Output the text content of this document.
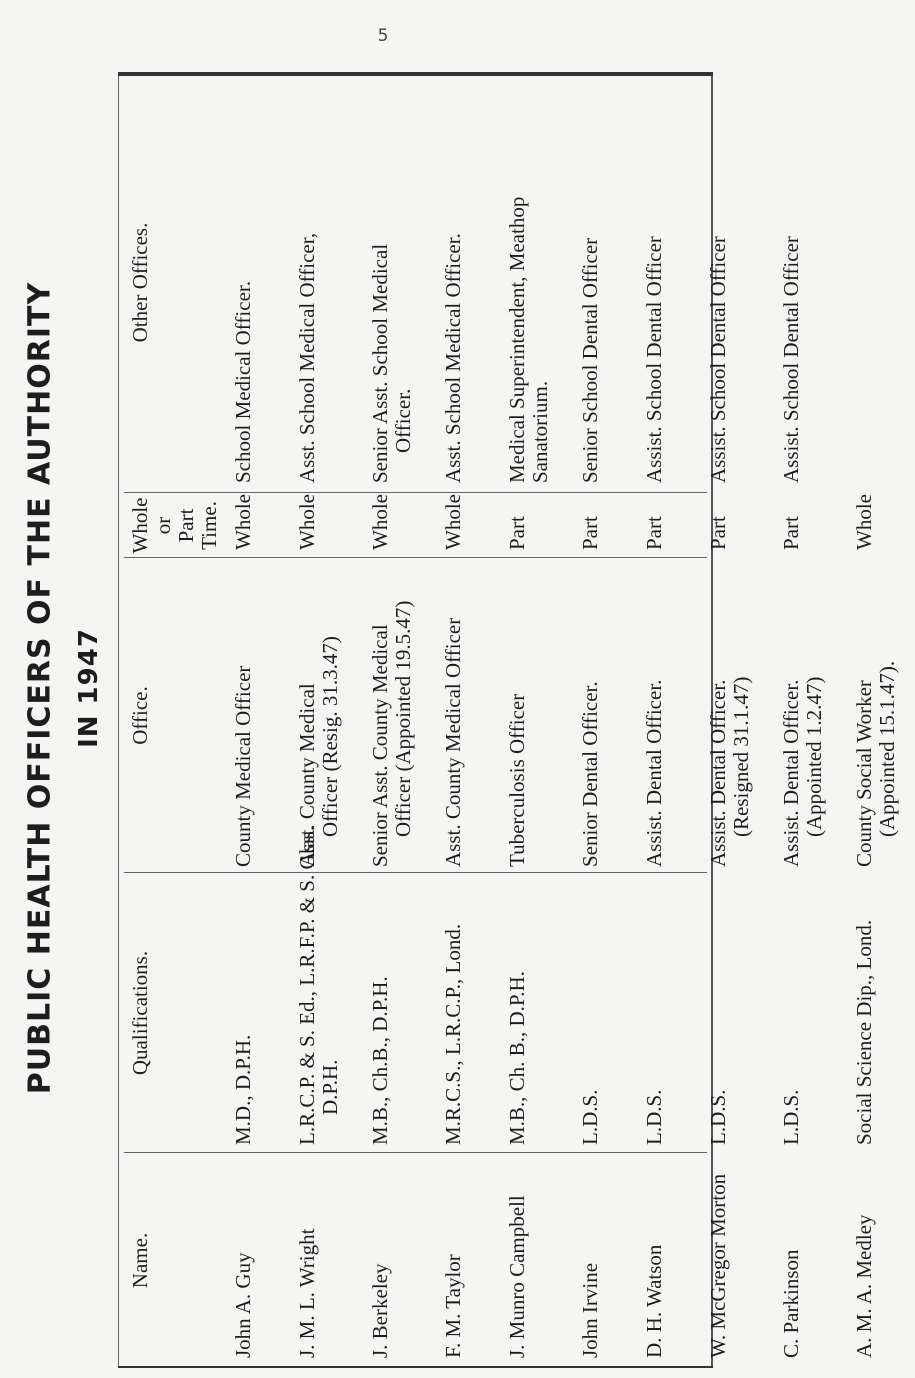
5
PUBLIC HEALTH OFFICERS OF THE AUTHORITY IN 1947
Name.	Qualifications.	Office.	Whole or Part Time.	Other Offices.
John A. Guy	M.D., D.P.H.	County Medical Officer	Whole	School Medical Officer.

J. M. L. Wright	L.R.C.P. & S. Ed., L.R.F.P. & S. Glas. D.P.H.	Asst. County Medical Officer (Resig. 31.3.47)	Whole	Asst. School Medical Officer,

J. Berkeley	M.B., Ch.B., D.P.H.	Senior Asst. County Medical Officer (Appointed 19.5.47)	Whole	Senior Asst. School Medical Officer.

F. M. Taylor	M.R.C.S., L.R.C.P., Lond.	Asst. County Medical Officer	Whole	Asst. School Medical Officer.

J. Munro Campbell	M.B., Ch. B., D.P.H.	Tuberculosis Officer	Part	Medical Superintendent, Meathop Sanatorium.

John Irvine	L.D.S.	Senior Dental Officer.	Part	Senior School Dental Officer

D. H. Watson	L.D.S.	Assist. Dental Officer.	Part	Assist. School Dental Officer

W. McGregor Morton	L.D.S.	Assist. Dental Officer. (Resigned 31.1.47)	Part	Assist. School Dental Officer

C. Parkinson	L.D.S.	Assist. Dental Officer. (Appointed 1.2.47)	Part	Assist. School Dental Officer

A. M. A. Medley	Social Science Dip., Lond.	County Social Worker (Appointed 15.1.47).	Whole	
